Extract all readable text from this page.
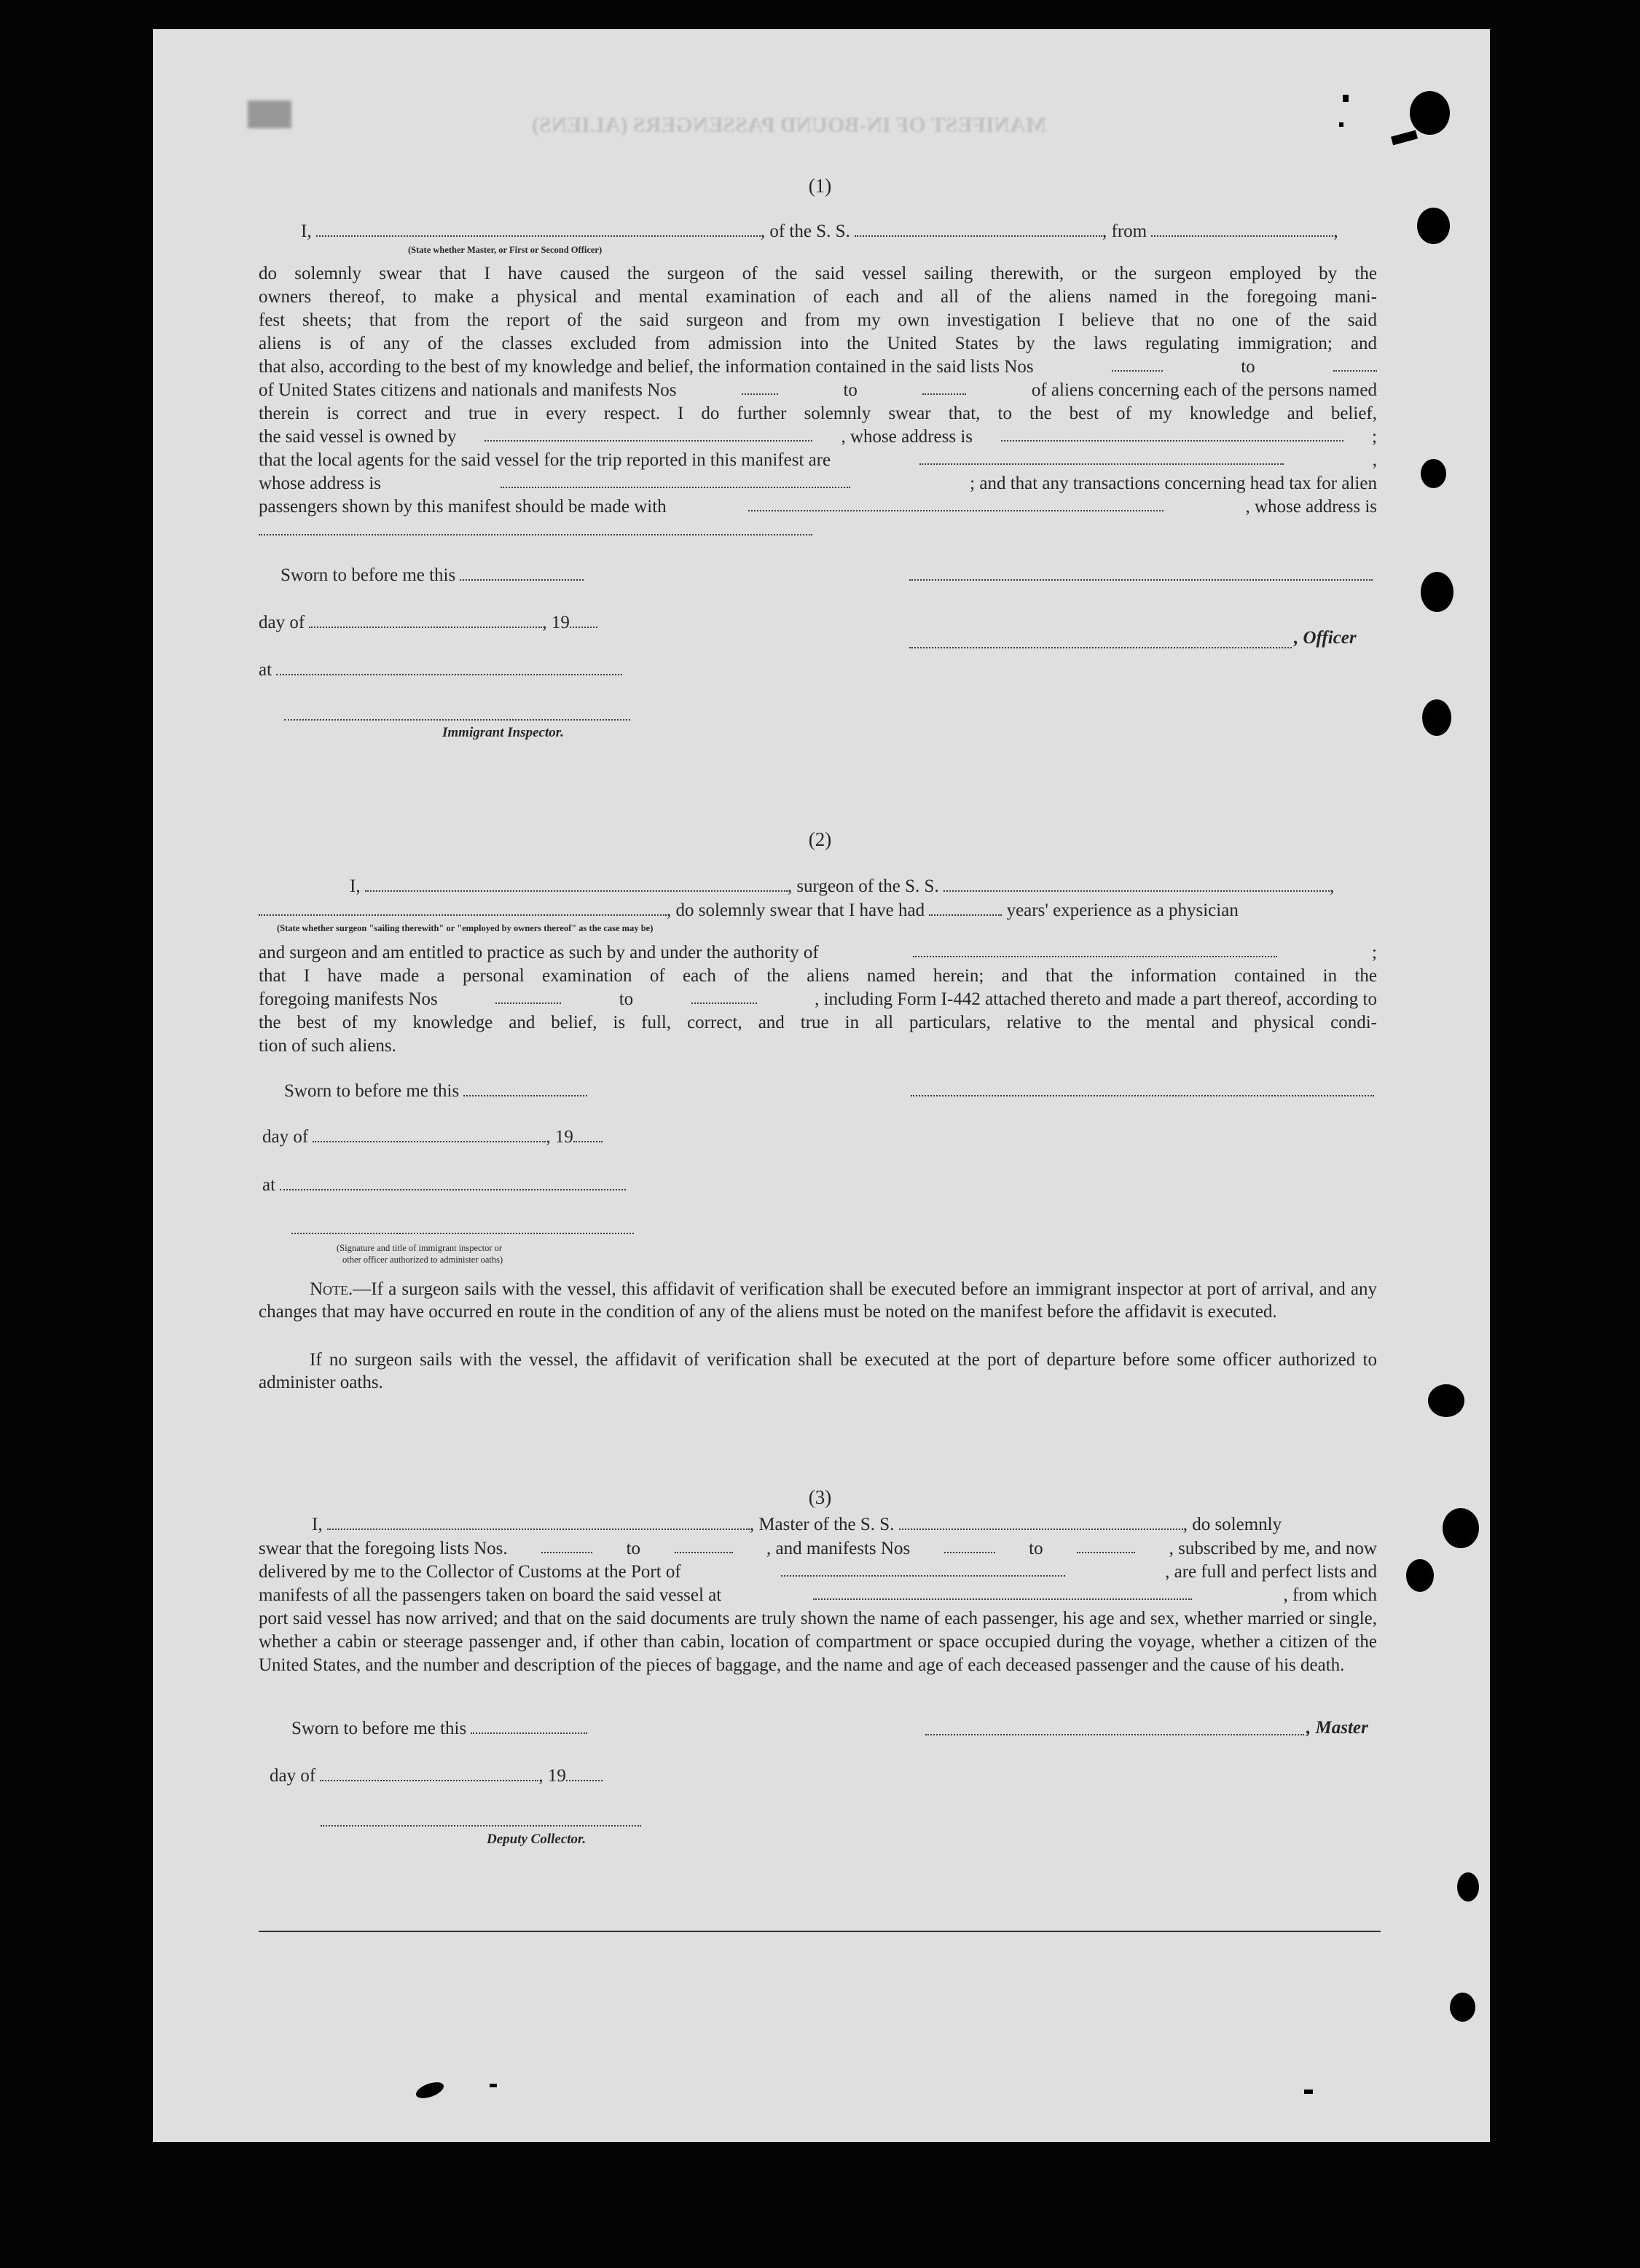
MANIFEST OF IN-BOUND PASSENGERS (ALIENS)
(1)
I,	, of the S. S.	, from	,
(State whether Master, or First or Second Officer)
do solemnly swear that I have caused the surgeon of the said vessel sailing therewith, or the surgeon employed by the
owners thereof, to make a physical and mental examination of each and all of the aliens named in the foregoing mani-
fest sheets; that from the report of the said surgeon and from my own investigation I believe that no one of the said
aliens is of any of the classes excluded from admission into the United States by the laws regulating immigration; and
that also, according to the best of my knowledge and belief, the information contained in the said lists Nos	to
of United States citizens and nationals and manifests Nos	to	of aliens concerning each of the persons named
therein is correct and true in every respect. I do further solemnly swear that, to the best of my knowledge and belief,
the said vessel is owned by	, whose address is	;
that the local agents for the said vessel for the trip reported in this manifest are	,
whose address is	; and that any transactions concerning head tax for alien
passengers shown by this manifest should be made with	, whose address is
Sworn to before me this
day of	, 19
, Officer
at
Immigrant Inspector.
(2)
I,	, surgeon of the S. S.	,
, do solemnly swear that I have had	years' experience as a physician
(State whether surgeon "sailing therewith" or "employed by owners thereof" as the case may be)
and surgeon and am entitled to practice as such by and under the authority of	;
that I have made a personal examination of each of the aliens named herein; and that the information contained in the
foregoing manifests Nos	to	, including Form I-442 attached thereto and made a part thereof, according to
the best of my knowledge and belief, is full, correct, and true in all particulars, relative to the mental and physical condi-
tion of such aliens.
Sworn to before me this
day of	, 19
at
(Signature and title of immigrant inspector or
other officer authorized to administer oaths)
Note.—If a surgeon sails with the vessel, this affidavit of verification shall be executed before an immigrant inspector at port of arrival, and any changes that may have occurred en route in the condition of any of the aliens must be noted on the manifest before the affidavit is executed.
If no surgeon sails with the vessel, the affidavit of verification shall be executed at the port of departure before some officer authorized to administer oaths.
(3)
I,	, Master of the S. S.	, do solemnly
swear that the foregoing lists Nos.	to	, and manifests Nos	to	, subscribed by me, and now
delivered by me to the Collector of Customs at the Port of	, are full and perfect lists and
manifests of all the passengers taken on board the said vessel at	, from which
port said vessel has now arrived; and that on the said documents are truly shown the name of each passenger, his age and sex, whether married or single, whether a cabin or steerage passenger and, if other than cabin, location of compartment or space occupied during the voyage, whether a citizen of the United States, and the number and description of the pieces of baggage, and the name and age of each deceased passenger and the cause of his death.
Sworn to before me this	, Master
day of	, 19
Deputy Collector.
